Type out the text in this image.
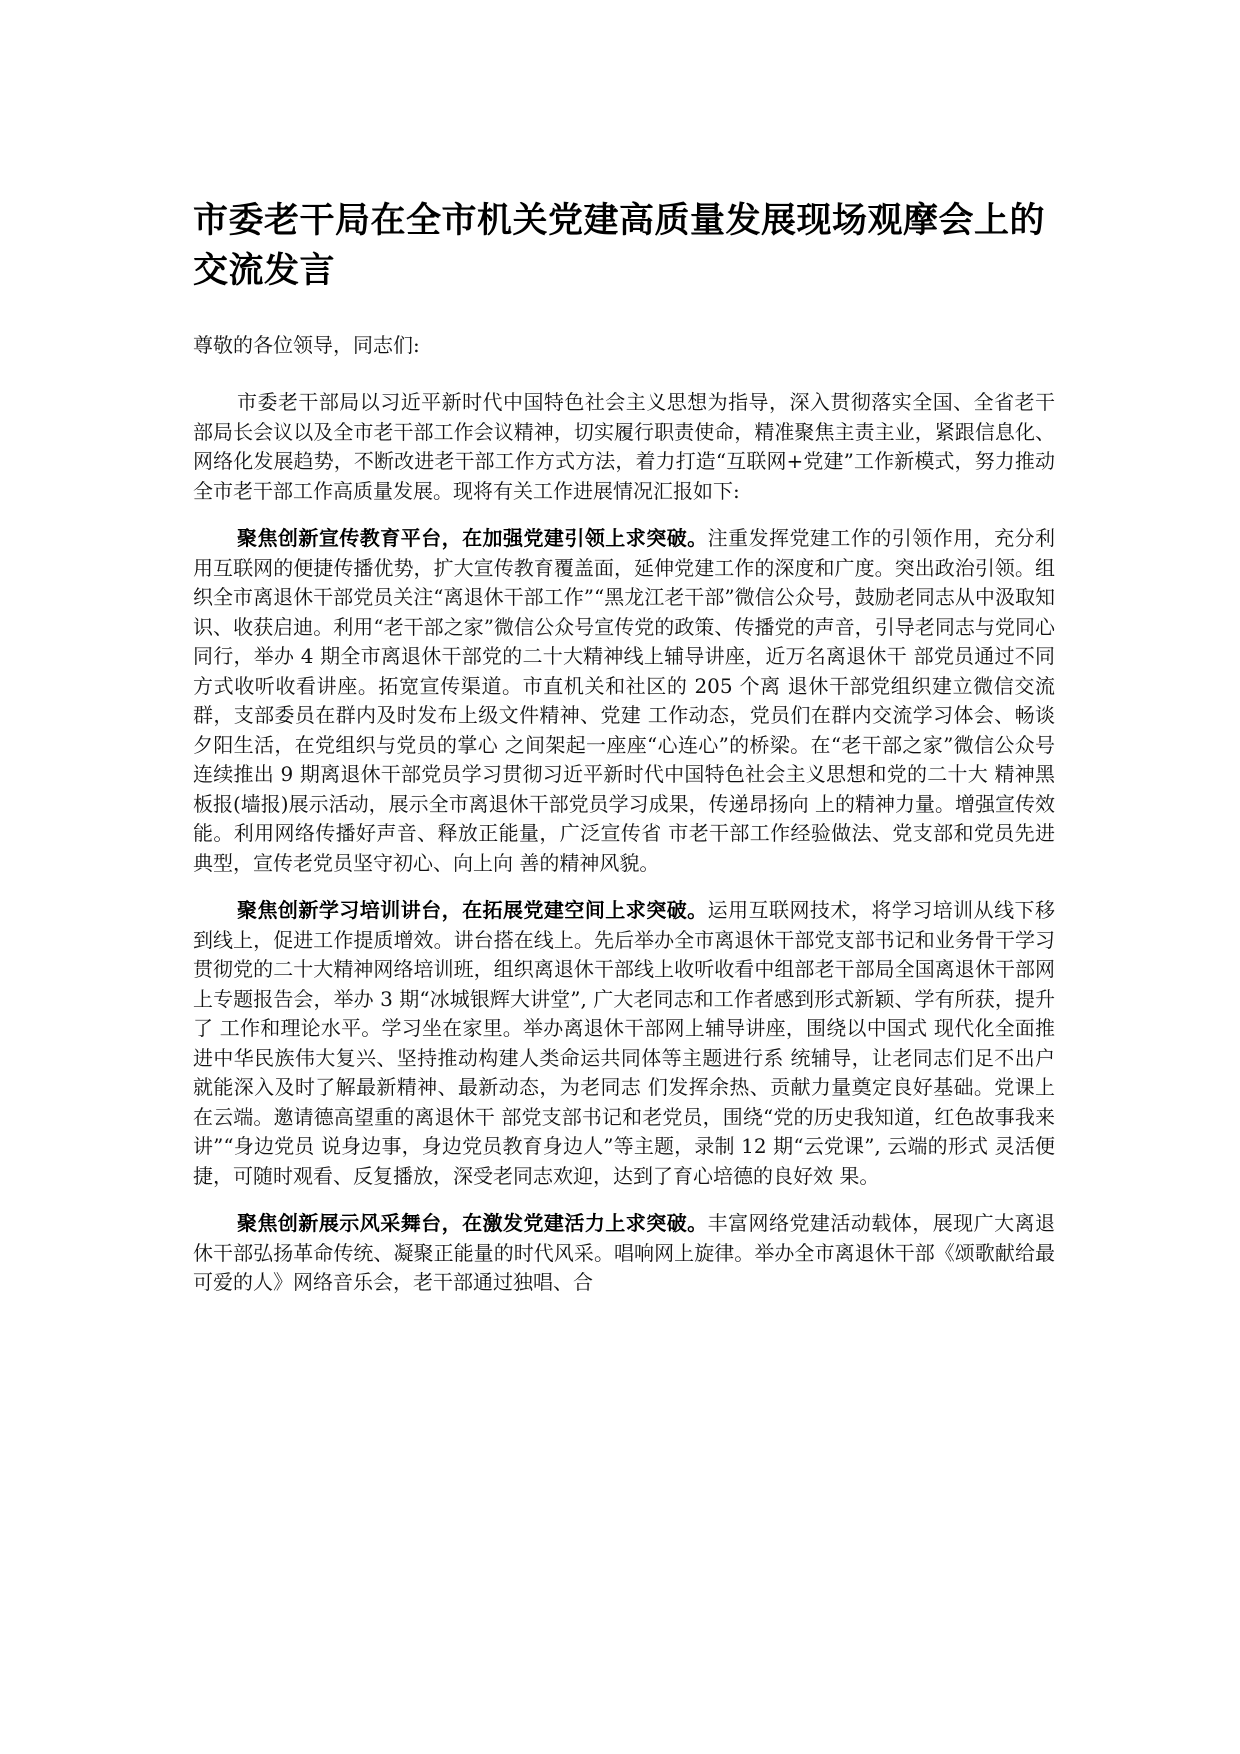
市委老干局在全市机关党建高质量发展现场观摩会上的交流发言

尊敬的各位领导，同志们:

市委老干部局以习近平新时代中国特色社会主义思想为指导，深入贯彻落实全国、全省老干部局长会议以及全市老干部工作会议精神，切实履行职责使命，精准聚焦主责主业，紧跟信息化、网络化发展趋势，不断改进老干部工作方式方法，着力打造“互联网+党建”工作新模式，努力推动全市老干部工作高质量发展。现将有关工作进展情况汇报如下:

聚焦创新宣传教育平台，在加强党建引领上求突破。注重发挥党建工作的引领作用，充分利用互联网的便捷传播优势，扩大宣传教育覆盖面，延伸党建工作的深度和广度。突出政治引领。组织全市离退休干部党员关注“离退休干部工作”“黑龙江老干部”微信公众号，鼓励老同志从中汲取知识、收获启迪。利用“老干部之家”微信公众号宣传党的政策、传播党的声音，引导老同志与党同心同行，举办 4 期全市离退休干部党的二十大精神线上辅导讲座，近万名离退休干 部党员通过不同方式收听收看讲座。拓宽宣传渠道。市直机关和社区的 205 个离 退休干部党组织建立微信交流群，支部委员在群内及时发布上级文件精神、党建 工作动态，党员们在群内交流学习体会、畅谈夕阳生活，在党组织与党员的掌心 之间架起一座座“心连心”的桥梁。在“老干部之家”微信公众号连续推出 9 期离退休干部党员学习贯彻习近平新时代中国特色社会主义思想和党的二十大 精神黑板报(墙报)展示活动，展示全市离退休干部党员学习成果，传递昂扬向 上的精神力量。增强宣传效能。利用网络传播好声音、释放正能量，广泛宣传省 市老干部工作经验做法、党支部和党员先进典型，宣传老党员坚守初心、向上向 善的精神风貌。

聚焦创新学习培训讲台，在拓展党建空间上求突破。运用互联网技术，将学习培训从线下移到线上，促进工作提质增效。讲台搭在线上。先后举办全市离退休干部党支部书记和业务骨干学习贯彻党的二十大精神网络培训班，组织离退休干部线上收听收看中组部老干部局全国离退休干部网上专题报告会，举办 3 期“冰城银辉大讲堂”, 广大老同志和工作者感到形式新颖、学有所获，提升了 工作和理论水平。学习坐在家里。举办离退休干部网上辅导讲座，围绕以中国式 现代化全面推进中华民族伟大复兴、坚持推动构建人类命运共同体等主题进行系 统辅导，让老同志们足不出户就能深入及时了解最新精神、最新动态，为老同志 们发挥余热、贡献力量奠定良好基础。党课上在云端。邀请德高望重的离退休干 部党支部书记和老党员，围绕“党的历史我知道，红色故事我来讲”“身边党员 说身边事，身边党员教育身边人”等主题，录制 12 期“云党课”, 云端的形式 灵活便捷，可随时观看、反复播放，深受老同志欢迎，达到了育心培德的良好效 果。

聚焦创新展示风采舞台，在激发党建活力上求突破。丰富网络党建活动载体，展现广大离退休干部弘扬革命传统、凝聚正能量的时代风采。唱响网上旋律。举办全市离退休干部《颂歌献给最可爱的人》网络音乐会，老干部通过独唱、合
